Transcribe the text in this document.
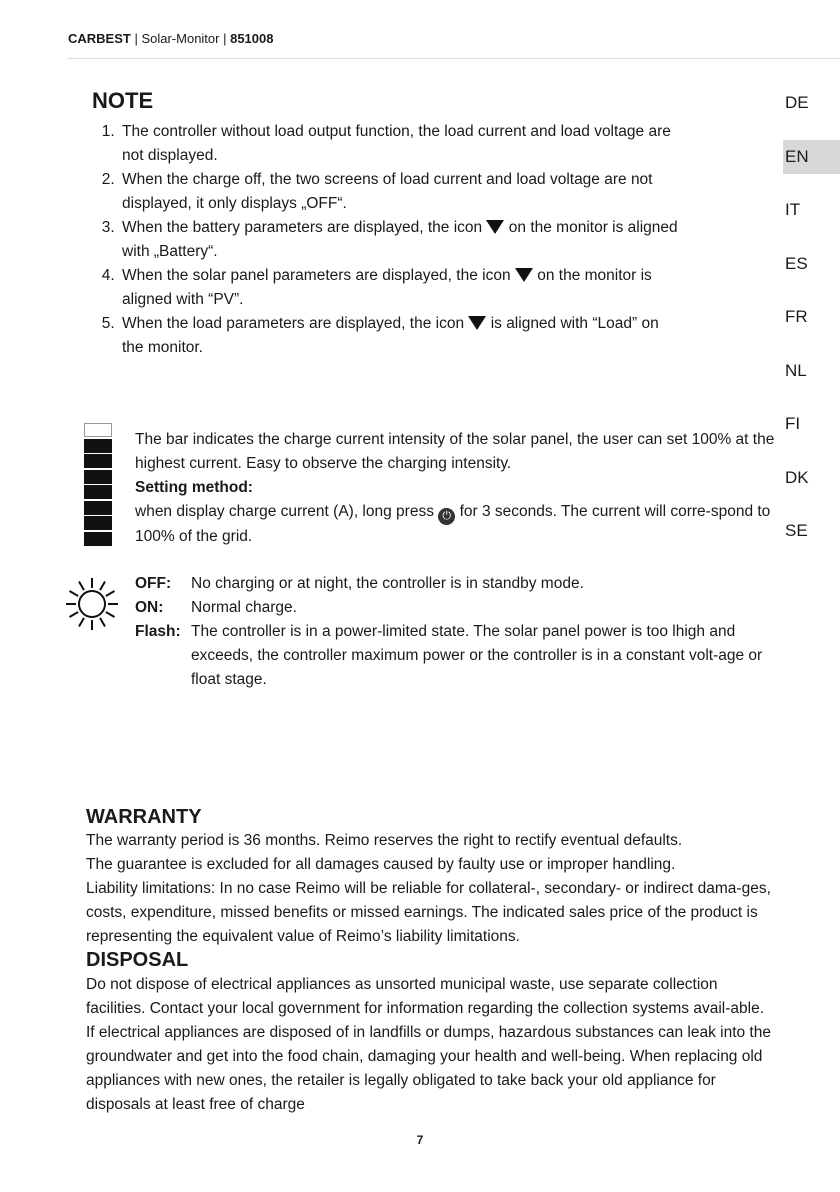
CARBEST | Solar-Monitor | 851008
DE
EN
IT
ES
FR
NL
FI
DK
SE
NOTE
1. The controller without load output function, the load current and load voltage are not displayed.
2. When the charge off, the two screens of load current and load voltage are not displayed, it only displays „OFF“.
3. When the battery parameters are displayed, the icon on the monitor is aligned with „Battery“.
4. When the solar panel parameters are displayed, the icon on the monitor is aligned with “PV”.
5. When the load parameters are displayed, the icon is aligned with “Load” on the monitor.
The bar indicates the charge current intensity of the solar panel, the user can set 100% at the highest current. Easy to observe the charging intensity.
Setting method:
when display charge current (A), long press ⏻ for 3 seconds. The current will corre-spond to 100% of the grid.
OFF:	No charging or at night, the controller is in standby mode.
ON:	Normal charge.
Flash: The controller is in a power-limited state. The solar panel power is too lhigh and exceeds, the controller maximum power or the controller is in a constant volt-age or float stage.
WARRANTY
The warranty period is 36 months. Reimo reserves the right to rectify eventual defaults.
The guarantee is excluded for all damages caused by faulty use or improper handling.
Liability limitations: In no case Reimo will be reliable for collateral-, secondary- or indirect dama-ges, costs, expenditure, missed benefits or missed earnings. The indicated sales price of the product is representing the equivalent value of Reimo’s liability limitations.
DISPOSAL
Do not dispose of electrical appliances as unsorted municipal waste, use separate collection facilities. Contact your local government for information regarding the collection systems avail-able. If electrical appliances are disposed of in landfills or dumps, hazardous substances can leak into the groundwater and get into the food chain, damaging your health and well-being. When replacing old appliances with new ones, the retailer is legally obligated to take back your old appliance for disposals at least free of charge
7
